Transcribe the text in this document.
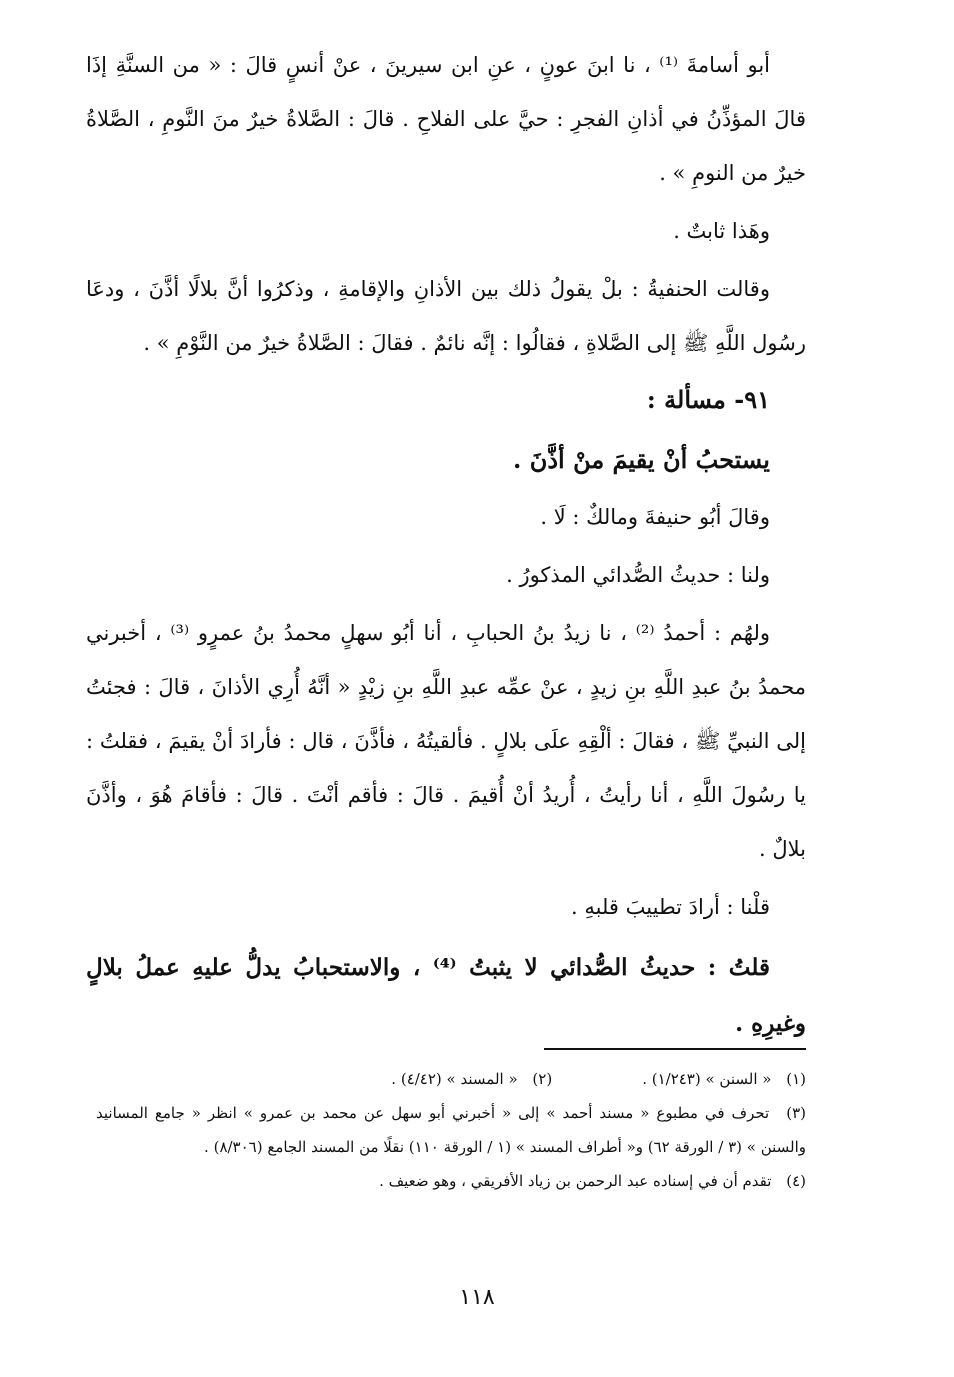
أبو أسامةَ ⁽¹⁾ ، نا ابنَ عونٍ ، عنِ ابن سيرينَ ، عنْ أنسٍ قالَ : « من السنَّةِ إذَا قالَ المؤذِّنُ في أذانِ الفجرِ : حيَّ على الفلاحِ . قالَ : الصَّلاةُ خيرٌ منَ النَّومِ ، الصَّلاةُ خيرٌ من النومِ » .

وهَذا ثابتٌ .

وقالت الحنفيةُ : بلْ يقولُ ذلك بين الأذانِ والإقامةِ ، وذكرُوا أنَّ بلالًا أذَّنَ ، ودعَا رسُول اللَّهِ ﷺ إلى الصَّلاةِ ، فقالُوا : إنَّه نائمٌ . فقالَ : الصَّلاةُ خيرٌ من النَّوْمِ » .

٩١- مسألة :

يستحبُ أنْ يقيمَ منْ أذَّنَ .

وقالَ أبُو حنيفةَ ومالكٌ : لَا .

ولنا : حديثُ الصُّدائي المذكورُ .

ولهُم : أحمدُ ⁽²⁾ ، نا زيدُ بنُ الحبابِ ، أنا أبُو سهلٍ محمدُ بنُ عمرٍو ⁽³⁾ ، أخبرني محمدُ بنُ عبدِ اللَّهِ بنِ زيدٍ ، عنْ عمِّه عبدِ اللَّهِ بنِ زيْدٍ « أنَّهُ أُرِي الأذانَ ، قالَ : فجئتُ إلى النبيِّ ﷺ ، فقالَ : ألْقِهِ علَى بلالٍ . فألقيتُهُ ، فأذَّنَ ، قال : فأرادَ أنْ يقيمَ ، فقلتُ : يا رسُولَ اللَّهِ ، أنا رأيتُ ، أُريدُ أنْ أُقيمَ . قالَ : فأقم أنْتَ . قالَ : فأقامَ هُوَ ، وأذَّنَ بلالٌ .

قلْنا : أرادَ تطييبَ قلبهِ .

قلتُ : حديثُ الصُّدائي لا يثبتُ ⁽⁴⁾ ، والاستحبابُ يدلُّ عليهِ عملُ بلالٍ وغيرِهِ .

(١) « السنن » (١/٢٤٣) .

(٢) « المسند » (٤/٤٢) .

(٣) تحرف في مطبوع « مسند أحمد » إلى « أخبرني أبو سهل عن محمد بن عمرو » انظر « جامع المسانيد والسنن » (٣ / الورقة ٦٢) و« أطراف المسند » (١ / الورقة ١١٠) نقلًا من المسند الجامع (٨/٣٠٦) .

(٤) تقدم أن في إسناده عبد الرحمن بن زياد الأفريقي ، وهو ضعيف .

١١٨
